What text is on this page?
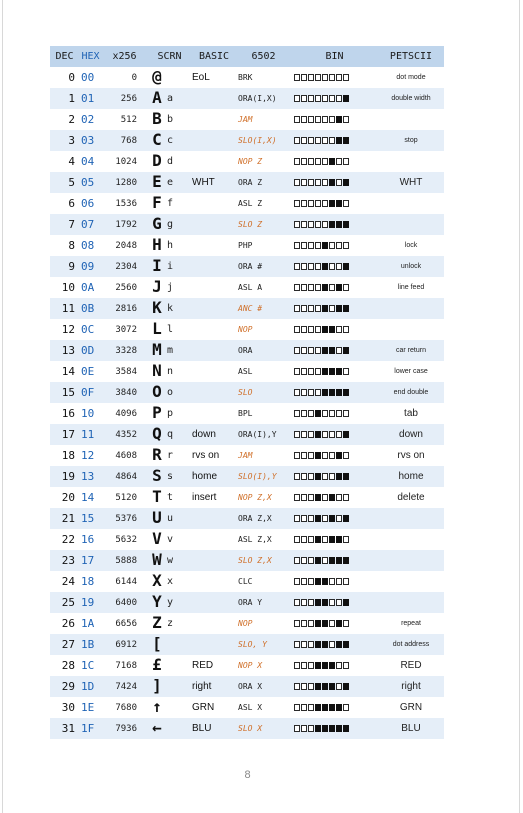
DEC	HEX	x256	SCRN	BASIC	6502	BIN	PETSCII
0	00	0	@	EoL	BRK		dot mode
1	01	256	A a		ORA(I,X)		double width
2	02	512	B b		JAM	

3	03	768	C c		SLO(I,X)		stop
4	04	1024	D d		NOP Z	

5	05	1280	E e	WHT	ORA Z		WHT
6	06	1536	F f		ASL Z	

7	07	1792	G g		SLO Z	

8	08	2048	H h		PHP		lock
9	09	2304	I i		ORA #		unlock
10	0A	2560	J j		ASL A		line feed
11	0B	2816	K k		ANC #	

12	0C	3072	L l		NOP	

13	0D	3328	M m		ORA		car return
14	0E	3584	N n		ASL		lower case
15	0F	3840	O o		SLO		end double
16	10	4096	P p		BPL		tab
17	11	4352	Q q	down	ORA(I),Y		down
18	12	4608	R r	rvs on	JAM		rvs on
19	13	4864	S s	home	SLO(I),Y		home
20	14	5120	T t	insert	NOP Z,X		delete
21	15	5376	U u		ORA Z,X	

22	16	5632	V v		ASL Z,X	

23	17	5888	W w		SLO Z,X	

24	18	6144	X x		CLC	

25	19	6400	Y y		ORA Y	

26	1A	6656	Z z		NOP		repeat
27	1B	6912	[		SLO, Y		dot address
28	1C	7168	£	RED	NOP X		RED
29	1D	7424	]	right	ORA X		right
30	1E	7680	↑	GRN	ASL X		GRN
31	1F	7936	←	BLU	SLO X		BLU
8
